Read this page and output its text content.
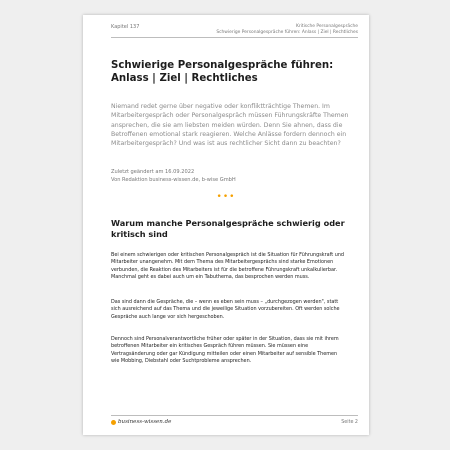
Kapitel 137	Kritische Personalgespräche
Schwierige Personalgespräche führen: Anlass | Ziel | Rechtliches
Schwierige Personalgespräche führen: Anlass | Ziel | Rechtliches

Niemand redet gerne über negative oder konfliktträchtige Themen. Im Mitarbeitergespräch oder Personalgespräch müssen Führungskräfte Themen ansprechen, die sie am liebsten meiden würden. Denn Sie ahnen, dass die Betroffenen emotional stark reagieren. Welche Anlässe fordern dennoch ein Mitarbeitergespräch? Und was ist aus rechtlicher Sicht dann zu beachten?

Zuletzt geändert am 16.09.2022
Von Redaktion business-wissen.de, b-wise GmbH
•••
Warum manche Personalgespräche schwierig oder kritisch sind

Bei einem schwierigen oder kritischen Personalgespräch ist die Situation für Führungskraft und Mitarbeiter unangenehm. Mit dem Thema des Mitarbeitergesprächs sind starke Emotionen verbunden, die Reaktion des Mitarbeiters ist für die betroffene Führungskraft unkalkulierbar. Manchmal geht es dabei auch um ein Tabuthema, das besprochen werden muss.

Das sind dann die Gespräche, die – wenn es eben sein muss – „durchgezogen werden", statt sich ausreichend auf das Thema und die jeweilige Situation vorzubereiten. Oft werden solche Gespräche auch lange vor sich hergeschoben.

Dennoch sind Personalverantwortliche früher oder später in der Situation, dass sie mit ihrem betroffenen Mitarbeiter ein kritisches Gespräch führen müssen. Sie müssen eine Vertragsänderung oder gar Kündigung mitteilen oder einen Mitarbeiter auf sensible Themen wie Mobbing, Diebstahl oder Suchtprobleme ansprechen.

business-wissen.de	Seite 2
